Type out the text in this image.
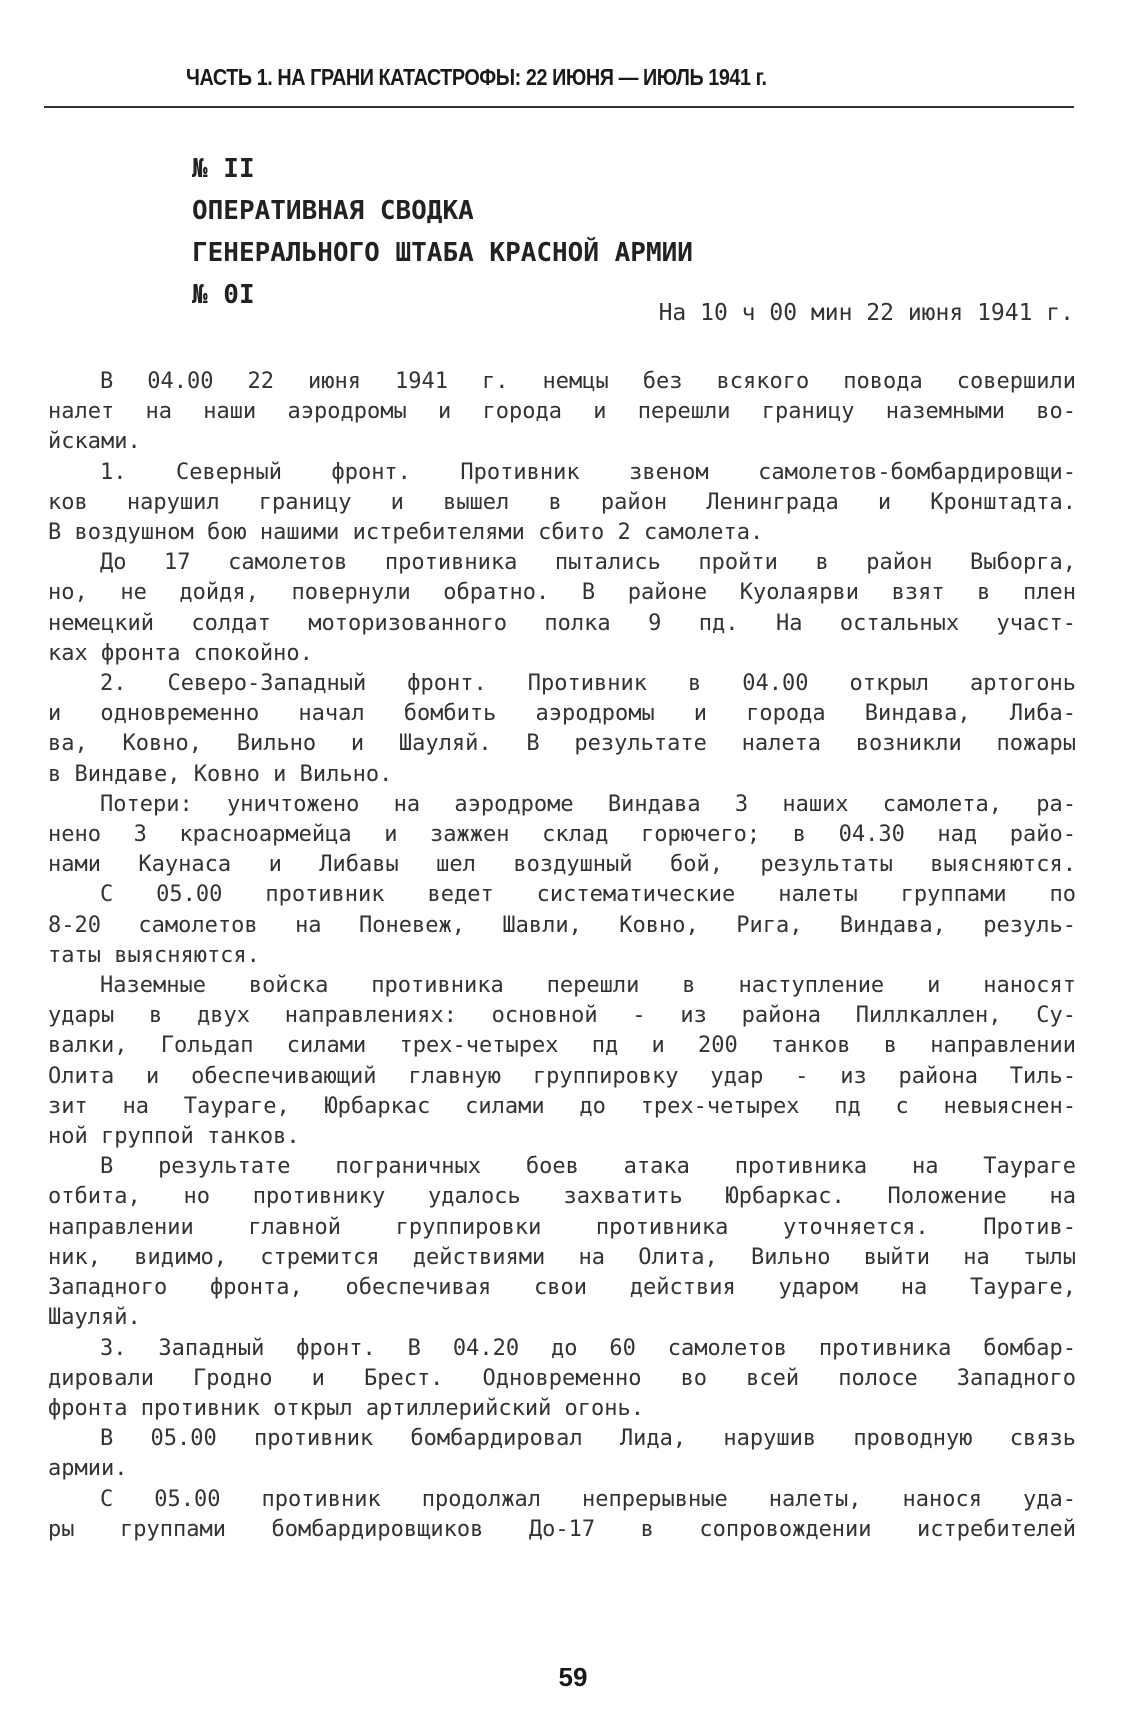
ЧАСТЬ 1. НА ГРАНИ КАТАСТРОФЫ: 22 ИЮНЯ — ИЮЛЬ 1941 г.
№ II
ОПЕРАТИВНАЯ СВОДКА
ГЕНЕРАЛЬНОГО ШТАБА КРАСНОЙ АРМИИ
№ 0I
На 10 ч 00 мин 22 июня 1941 г.
В 04.00 22 июня 1941 г. немцы без всякого повода совершили
налет на наши аэродромы и города и перешли границу наземными во-
йсками.
1. Северный фронт. Противник звеном самолетов-бомбардировщи-
ков нарушил границу и вышел в район Ленинграда и Кронштадта.
В воздушном бою нашими истребителями сбито 2 самолета.
До 17 самолетов противника пытались пройти в район Выборга,
но, не дойдя, повернули обратно. В районе Куолаярви взят в плен
немецкий солдат моторизованного полка 9 пд. На остальных участ-
ках фронта спокойно.
2. Северо-Западный фронт. Противник в 04.00 открыл артогонь
и одновременно начал бомбить аэродромы и города Виндава, Либа-
ва, Ковно, Вильно и Шауляй. В результате налета возникли пожары
в Виндаве, Ковно и Вильно.
Потери: уничтожено на аэродроме Виндава 3 наших самолета, ра-
нено 3 красноармейца и зажжен склад горючего; в 04.30 над райо-
нами Каунаса и Либавы шел воздушный бой, результаты выясняются.
С 05.00 противник ведет систематические налеты группами по
8-20 самолетов на Поневеж, Шавли, Ковно, Рига, Виндава, резуль-
таты выясняются.
Наземные войска противника перешли в наступление и наносят
удары в двух направлениях: основной - из района Пиллкаллен, Су-
валки, Гольдап силами трех-четырех пд и 200 танков в направлении
Олита и обеспечивающий главную группировку удар - из района Тиль-
зит на Таураге, Юрбаркас силами до трех-четырех пд с невыяснен-
ной группой танков.
В результате пограничных боев атака противника на Таураге
отбита, но противнику удалось захватить Юрбаркас. Положение на
направлении главной группировки противника уточняется. Против-
ник, видимо, стремится действиями на Олита, Вильно выйти на тылы
Западного фронта, обеспечивая свои действия ударом на Таураге,
Шауляй.
3. Западный фронт. В 04.20 до 60 самолетов противника бомбар-
дировали Гродно и Брест. Одновременно во всей полосе Западного
фронта противник открыл артиллерийский огонь.
В 05.00 противник бомбардировал Лида, нарушив проводную связь
армии.
С 05.00 противник продолжал непрерывные налеты, нанося уда-
ры группами бомбардировщиков До-17 в сопровождении истребителей
59
